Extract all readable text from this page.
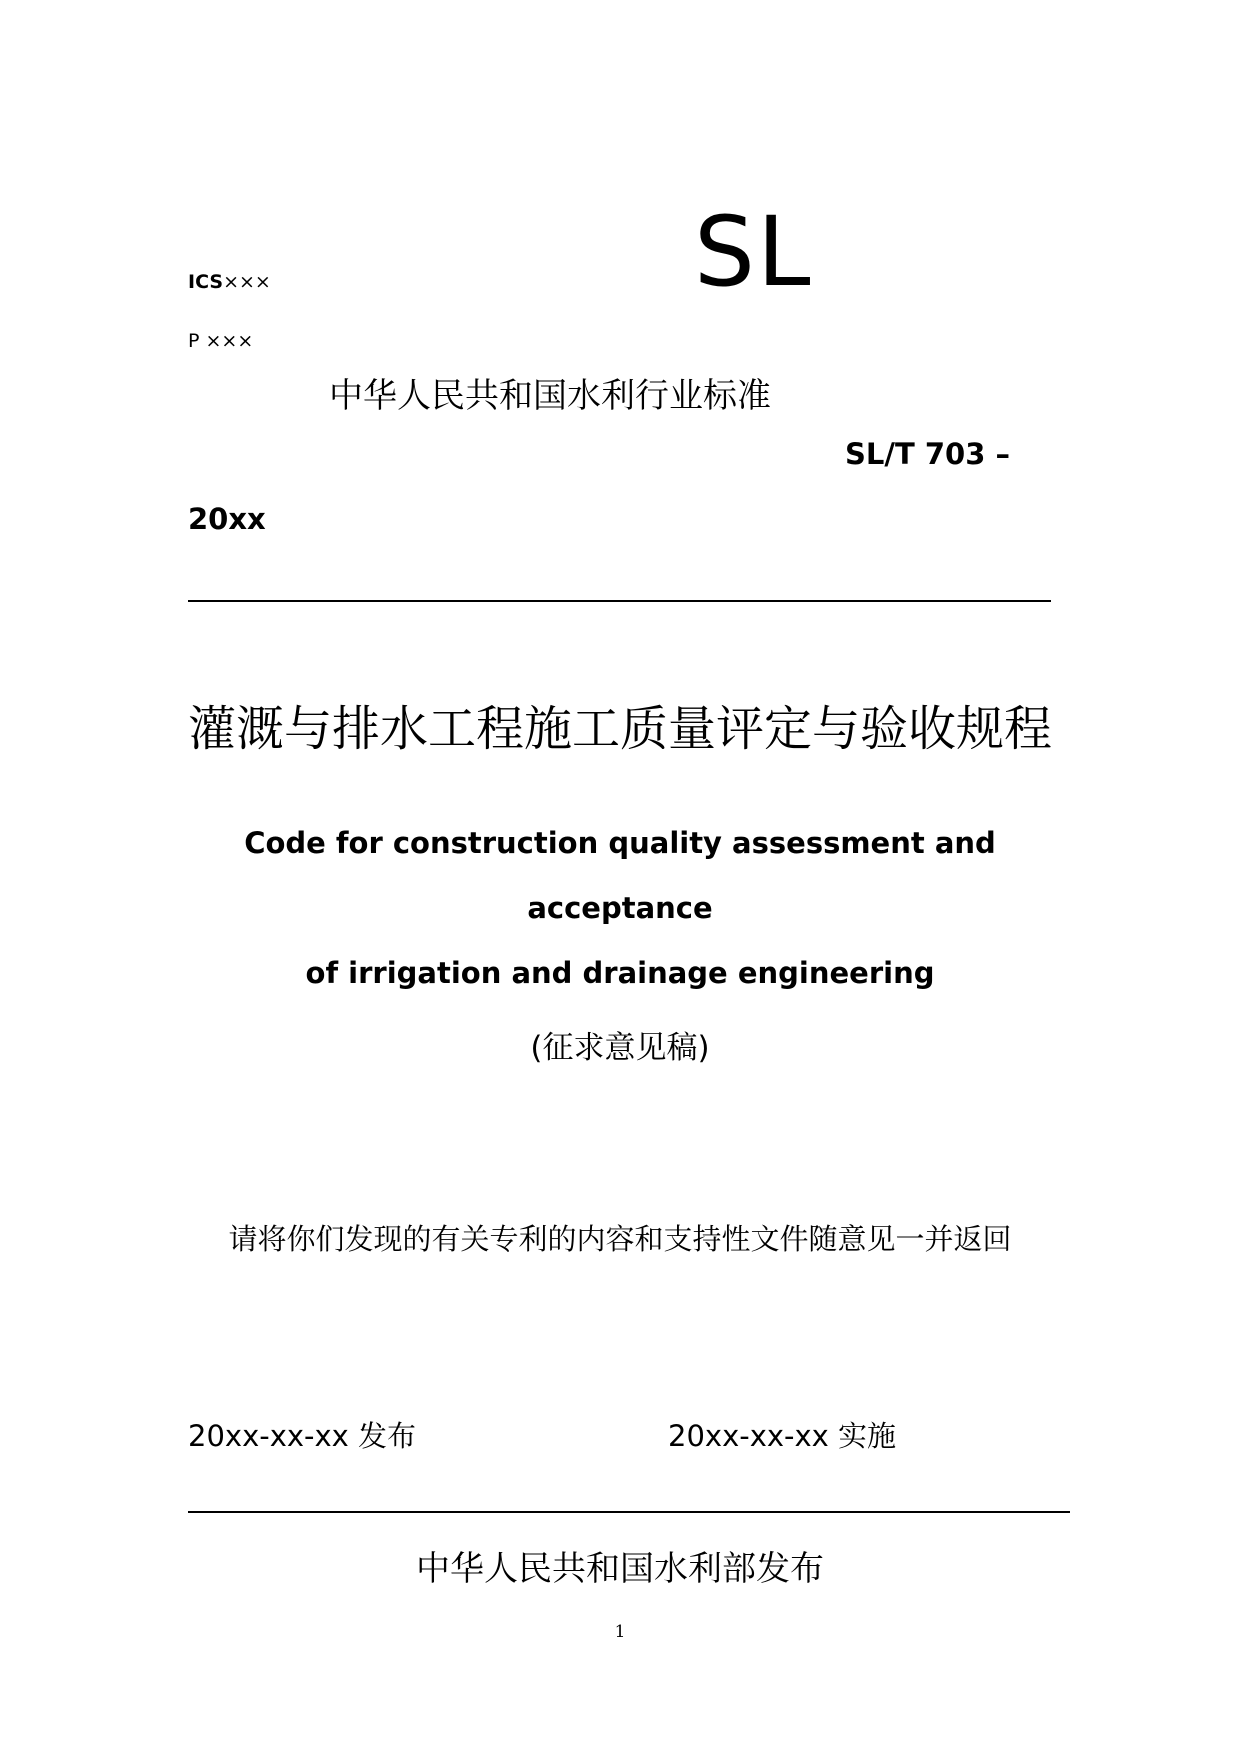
ICS×××
P ×××
SL
中华人民共和国水利行业标准
SL/T 703 –
20xx
灌溉与排水工程施工质量评定与验收规程
Code for construction quality assessment and
acceptance
of irrigation and drainage engineering
(征求意见稿)
请将你们发现的有关专利的内容和支持性文件随意见一并返回
20xx-xx-xx 发布	20xx-xx-xx 实施
中华人民共和国水利部发布
1
